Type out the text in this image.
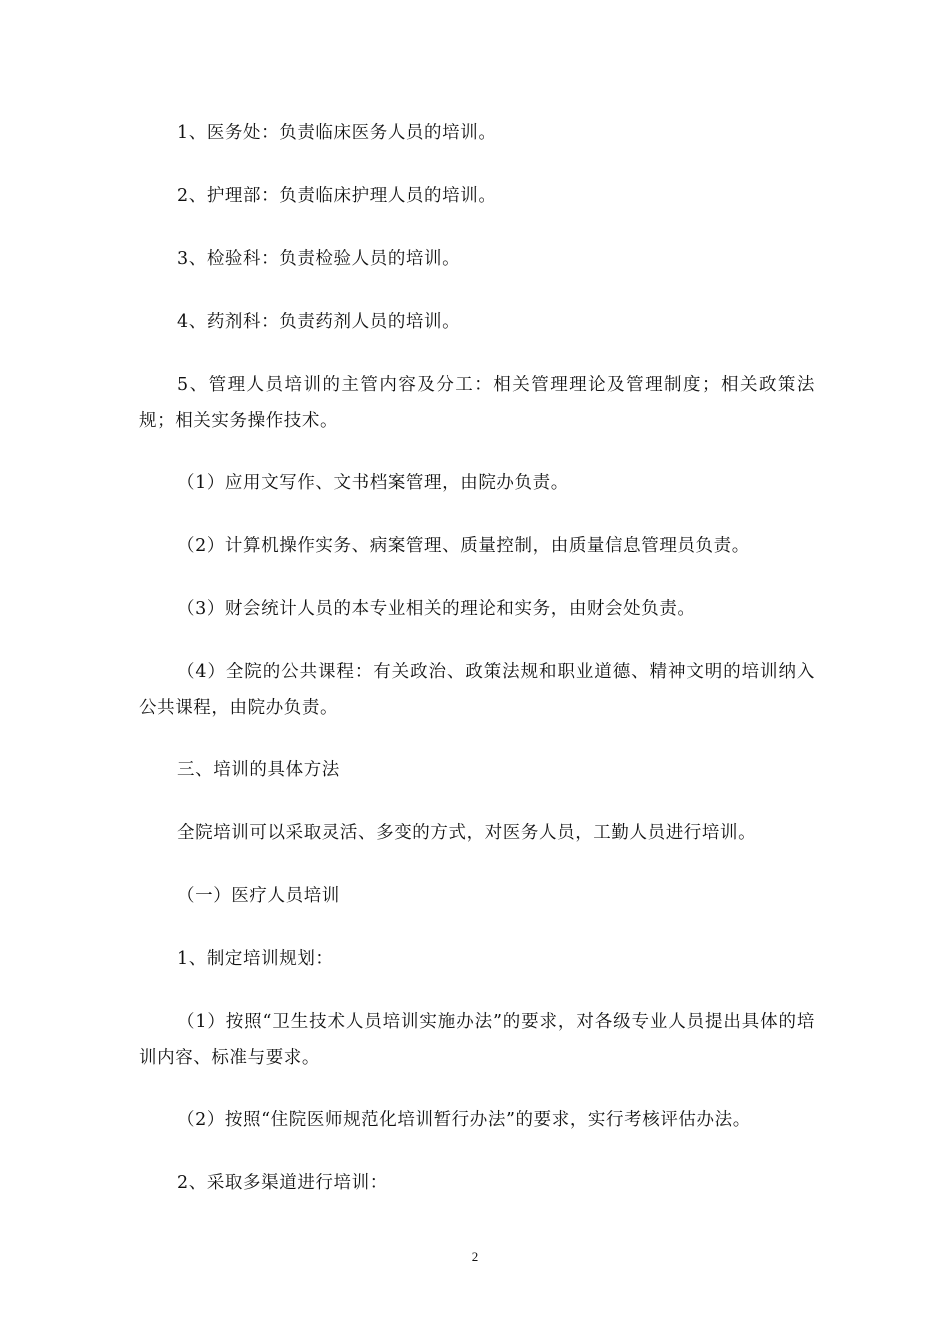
1、医务处：负责临床医务人员的培训。

2、护理部：负责临床护理人员的培训。

3、检验科：负责检验人员的培训。

4、药剂科：负责药剂人员的培训。

5、管理人员培训的主管内容及分工：相关管理理论及管理制度；相关政策法规；相关实务操作技术。

（1）应用文写作、文书档案管理，由院办负责。

（2）计算机操作实务、病案管理、质量控制，由质量信息管理员负责。

（3）财会统计人员的本专业相关的理论和实务，由财会处负责。

（4）全院的公共课程：有关政治、政策法规和职业道德、精神文明的培训纳入公共课程，由院办负责。

三、培训的具体方法

全院培训可以采取灵活、多变的方式，对医务人员，工勤人员进行培训。

（一）医疗人员培训

1、制定培训规划：

（1）按照“卫生技术人员培训实施办法”的要求，对各级专业人员提出具体的培训内容、标准与要求。

（2）按照“住院医师规范化培训暂行办法”的要求，实行考核评估办法。

2、采取多渠道进行培训：

2
